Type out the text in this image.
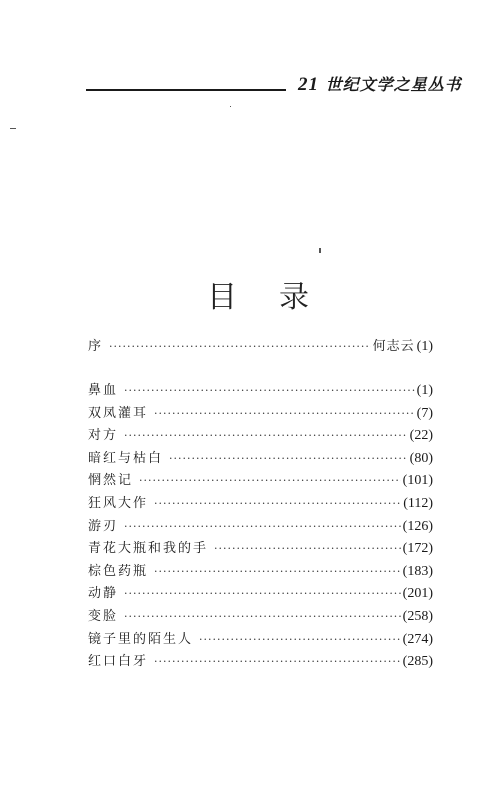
21 世纪文学之星丛书
目录
序 ·····	何志云 (1)
鼻血 ·····	(1)
双凤灌耳 ·····	(7)
对方 ·····	(22)
暗红与枯白 ·····	(80)
惘然记 ·····	(101)
狂风大作 ·····	(112)
游刃 ·····	(126)
青花大瓶和我的手 ·····	(172)
棕色药瓶 ·····	(183)
动静 ·····	(201)
变脸 ·····	(258)
镜子里的陌生人 ·····	(274)
红口白牙 ·····	(285)
